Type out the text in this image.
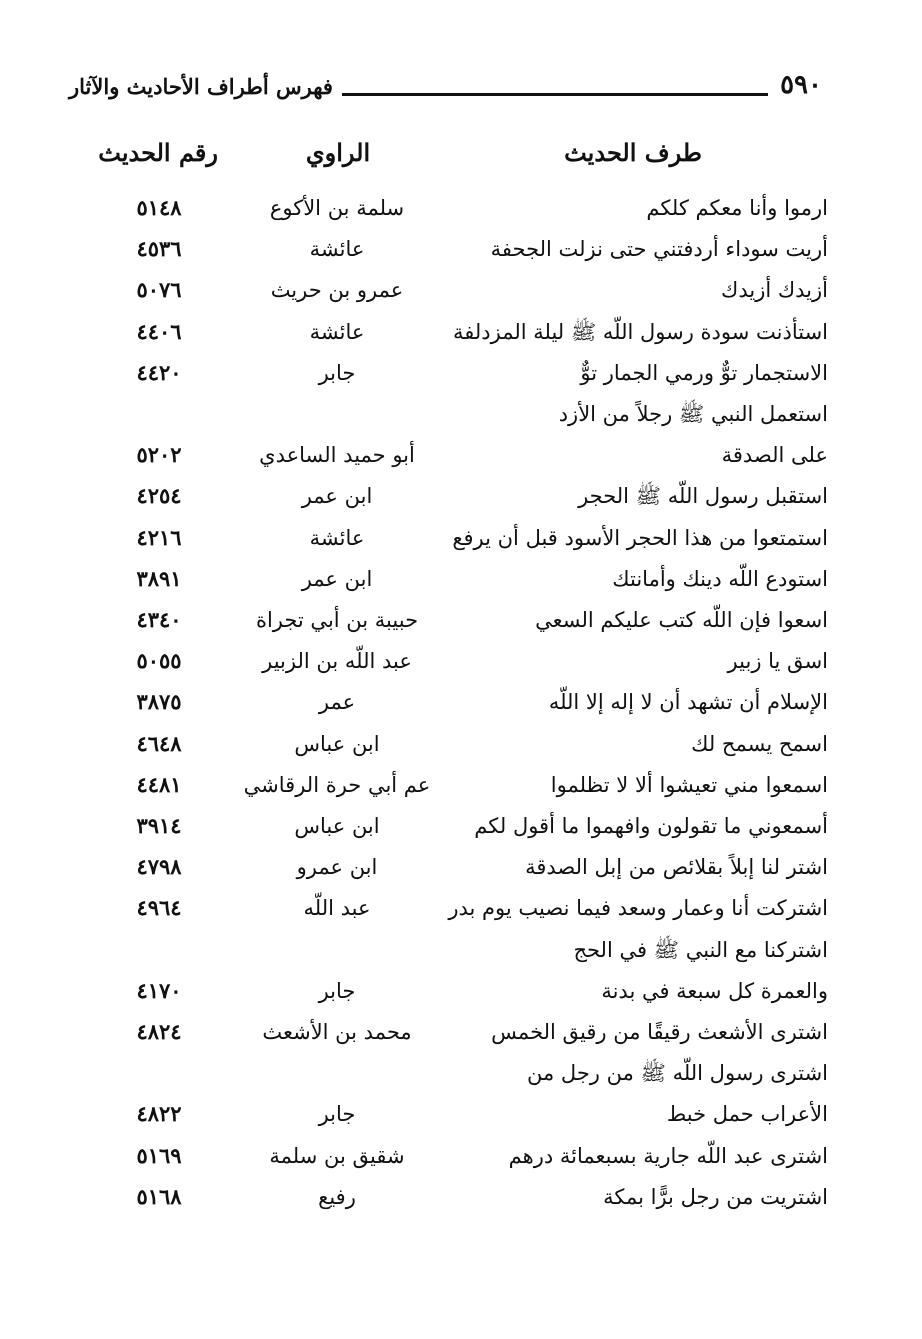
٥٩٠
فهرس أطراف الأحاديث والآثار
طرف الحديث
الراوي
رقم الحديث
ارموا وأنا معكم كلكم
سلمة بن الأكوع
٥١٤٨
أريت سوداء أردفتني حتى نزلت الجحفة
عائشة
٤٥٣٦
أزيدك أزيدك
عمرو بن حريث
٥٠٧٦
استأذنت سودة رسول اللّه ﷺ ليلة المزدلفة
عائشة
٤٤٠٦
الاستجمار توٌّ ورمي الجمار توٌّ
جابر
٤٤٢٠
استعمل النبي ﷺ رجلاً من الأزد
على الصدقة
أبو حميد الساعدي
٥٢٠٢
استقبل رسول اللّه ﷺ الحجر
ابن عمر
٤٢٥٤
استمتعوا من هذا الحجر الأسود قبل أن يرفع
عائشة
٤٢١٦
استودع اللّه دينك وأمانتك
ابن عمر
٣٨٩١
اسعوا فإن اللّه كتب عليكم السعي
حبيبة بن أبي تجراة
٤٣٤٠
اسق يا زبير
عبد اللّه بن الزبير
٥٠٥٥
الإسلام أن تشهد أن لا إله إلا اللّه
عمر
٣٨٧٥
اسمح يسمح لك
ابن عباس
٤٦٤٨
اسمعوا مني تعيشوا ألا لا تظلموا
عم أبي حرة الرقاشي
٤٤٨١
أسمعوني ما تقولون وافهموا ما أقول لكم
ابن عباس
٣٩١٤
اشتر لنا إبلاً بقلائص من إبل الصدقة
ابن عمرو
٤٧٩٨
اشتركت أنا وعمار وسعد فيما نصيب يوم بدر
عبد اللّه
٤٩٦٤
اشتركنا مع النبي ﷺ في الحج
والعمرة كل سبعة في بدنة
جابر
٤١٧٠
اشترى الأشعث رقيقًا من رقيق الخمس
محمد بن الأشعث
٤٨٢٤
اشترى رسول اللّه ﷺ من رجل من
الأعراب حمل خبط
جابر
٤٨٢٢
اشترى عبد اللّه جارية بسبعمائة درهم
شقيق بن سلمة
٥١٦٩
اشتريت من رجل برًّا بمكة
رفيع
٥١٦٨
